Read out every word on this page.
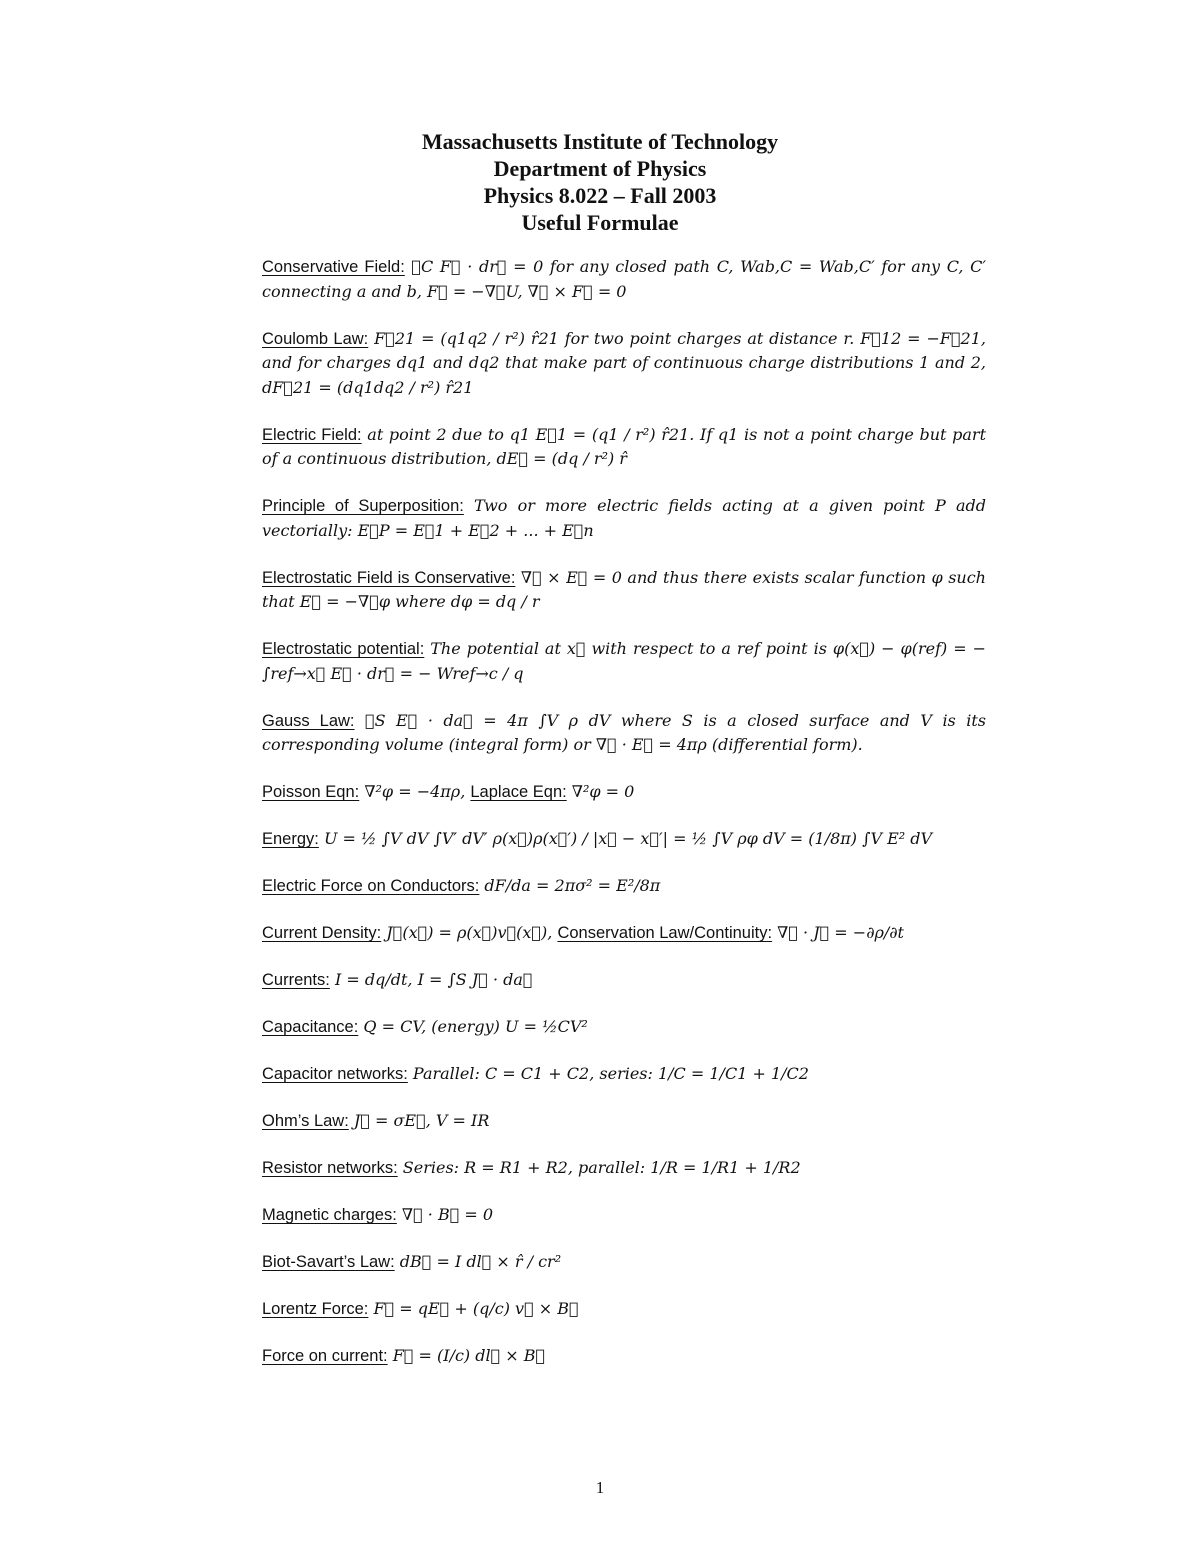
Massachusetts Institute of Technology
Department of Physics
Physics 8.022 – Fall 2003
Useful Formulae

Conservative Field: ∮C F⃗ · dr⃗ = 0 for any closed path C, Wab,C = Wab,C′ for any C, C′ connecting a and b, F⃗ = −∇⃗U, ∇⃗ × F⃗ = 0

Coulomb Law: F⃗21 = (q1q2 / r²) r̂21 for two point charges at distance r. F⃗12 = −F⃗21, and for charges dq1 and dq2 that make part of continuous charge distributions 1 and 2, dF⃗21 = (dq1dq2 / r²) r̂21

Electric Field: at point 2 due to q1 E⃗1 = (q1 / r²) r̂21. If q1 is not a point charge but part of a continuous distribution, dE⃗ = (dq / r²) r̂

Principle of Superposition: Two or more electric fields acting at a given point P add vectorially: E⃗P = E⃗1 + E⃗2 + ... + E⃗n

Electrostatic Field is Conservative: ∇⃗ × E⃗ = 0 and thus there exists scalar function φ such that E⃗ = −∇⃗φ where dφ = dq / r

Electrostatic potential: The potential at x⃗ with respect to a ref point is φ(x⃗) − φ(ref) = − ∫ref→x⃗ E⃗ · dr⃗ = − Wref→c / q

Gauss Law: ∮S E⃗ · da⃗ = 4π ∫V ρ dV where S is a closed surface and V is its corresponding volume (integral form) or ∇⃗ · E⃗ = 4πρ (differential form).

Poisson Eqn: ∇²φ = −4πρ, Laplace Eqn: ∇²φ = 0

Energy: U = ½ ∫V dV ∫V′ dV′ ρ(x⃗)ρ(x⃗′) / |x⃗ − x⃗′| = ½ ∫V ρφ dV = (1/8π) ∫V E² dV

Electric Force on Conductors: dF/da = 2πσ² = E²/8π

Current Density: J⃗(x⃗) = ρ(x⃗)v⃗(x⃗), Conservation Law/Continuity: ∇⃗ · J⃗ = −∂ρ/∂t

Currents: I = dq/dt, I = ∫S J⃗ · da⃗

Capacitance: Q = CV, (energy) U = ½CV²

Capacitor networks: Parallel: C = C1 + C2, series: 1/C = 1/C1 + 1/C2

Ohm’s Law: J⃗ = σE⃗, V = IR

Resistor networks: Series: R = R1 + R2, parallel: 1/R = 1/R1 + 1/R2

Magnetic charges: ∇⃗ · B⃗ = 0

Biot-Savart’s Law: dB⃗ = I dl⃗ × r̂ / cr²

Lorentz Force: F⃗ = qE⃗ + (q/c) v⃗ × B⃗

Force on current: F⃗ = (I/c) dl⃗ × B⃗

1
